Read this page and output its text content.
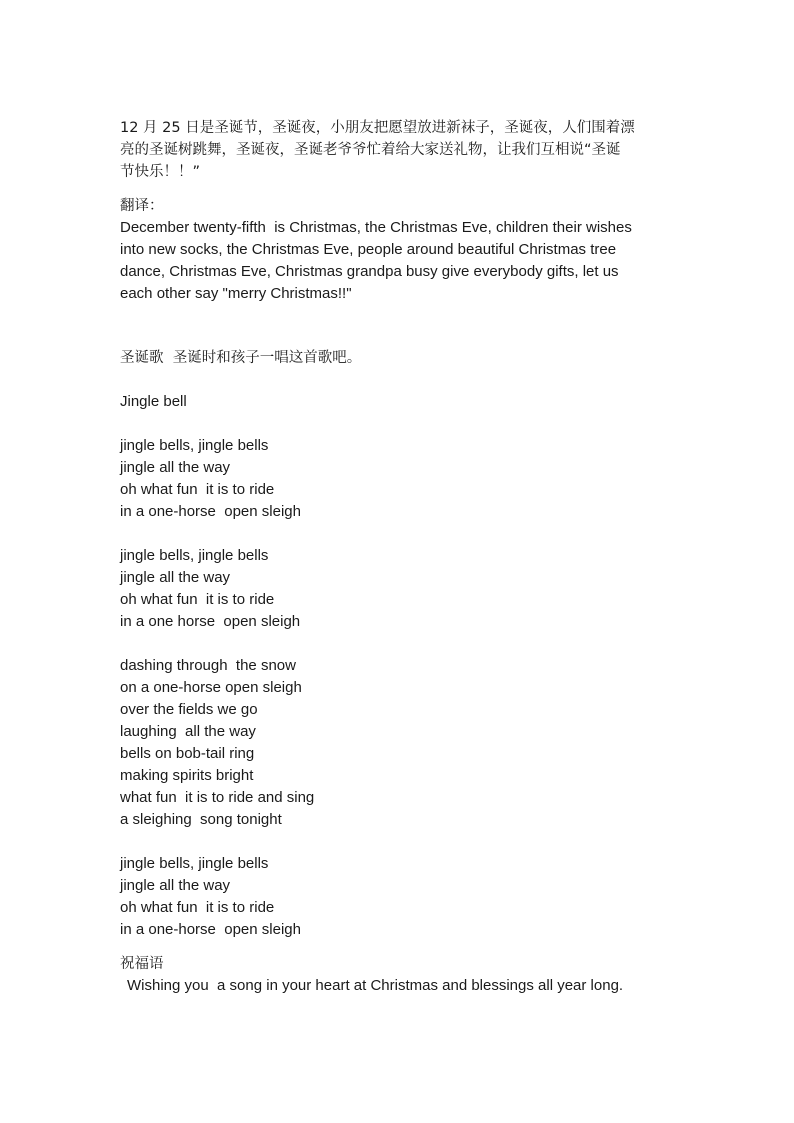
12 月 25 日是圣诞节，圣诞夜，小朋友把愿望放进新袜子，圣诞夜，人们围着漂
亮的圣诞树跳舞，圣诞夜，圣诞老爷爷忙着给大家送礼物，让我们互相说“圣诞
节快乐！！”
翻译：
December twenty-fifth  is Christmas, the Christmas Eve, children their wishes
into new socks, the Christmas Eve, people around beautiful Christmas tree
dance, Christmas Eve, Christmas grandpa busy give everybody gifts, let us
each other say "merry Christmas!!"
圣诞歌  圣诞时和孩子一唱这首歌吧。
Jingle bell
jingle bells, jingle bells
jingle all the way
oh what fun  it is to ride
in a one-horse  open sleigh
jingle bells, jingle bells
jingle all the way
oh what fun  it is to ride
in a one horse  open sleigh
dashing through  the snow
on a one-horse open sleigh
over the fields we go
laughing  all the way
bells on bob-tail ring
making spirits bright
what fun  it is to ride and sing
a sleighing  song tonight
jingle bells, jingle bells
jingle all the way
oh what fun  it is to ride
in a one-horse  open sleigh
祝福语
Wishing you  a song in your heart at Christmas and blessings all year long.
